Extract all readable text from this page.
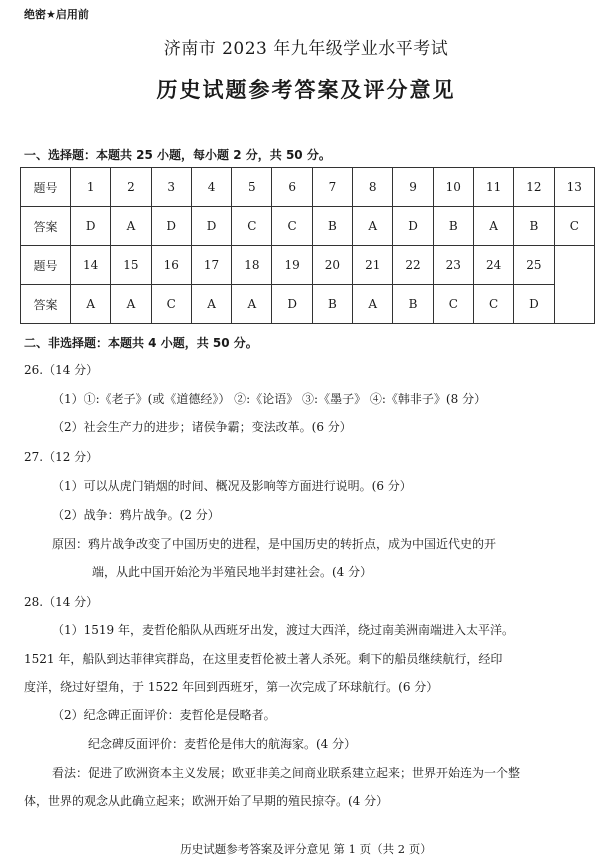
绝密★启用前
济南市 2023 年九年级学业水平考试
历史试题参考答案及评分意见
一、选择题：本题共 25 小题，每小题 2 分，共 50 分。
题号	1	2	3	4	5	6	7	8	9	10	11	12	13
答案	D	A	D	D	C	C	B	A	D	B	A	B	C
题号	14	15	16	17	18	19	20	21	22	23	24	25	
答案	A	A	C	A	A	D	B	A	B	C	C	D	
二、非选择题：本题共 4 小题，共 50 分。
26.（14 分）
（1）①:《老子》(或《道德经》） ②:《论语》 ③:《墨子》 ④:《韩非子》(8 分）
（2）社会生产力的进步；诸侯争霸；变法改革。(6 分）
27.（12 分）
（1）可以从虎门销烟的时间、概况及影响等方面进行说明。(6 分）
（2）战争：鸦片战争。(2 分）
原因：鸦片战争改变了中国历史的进程，是中国历史的转折点，成为中国近代史的开
端，从此中国开始沦为半殖民地半封建社会。(4 分）
28.（14 分）
（1）1519 年，麦哲伦船队从西班牙出发，渡过大西洋，绕过南美洲南端进入太平洋。
1521 年，船队到达菲律宾群岛，在这里麦哲伦被土著人杀死。剩下的船员继续航行，经印
度洋，绕过好望角，于 1522 年回到西班牙，第一次完成了环球航行。(6 分）
（2）纪念碑正面评价：麦哲伦是侵略者。
纪念碑反面评价：麦哲伦是伟大的航海家。(4 分）
看法：促进了欧洲资本主义发展；欧亚非美之间商业联系建立起来；世界开始连为一个整
体，世界的观念从此确立起来；欧洲开始了早期的殖民掠夺。(4 分）
历史试题参考答案及评分意见 第 1 页（共 2 页）
